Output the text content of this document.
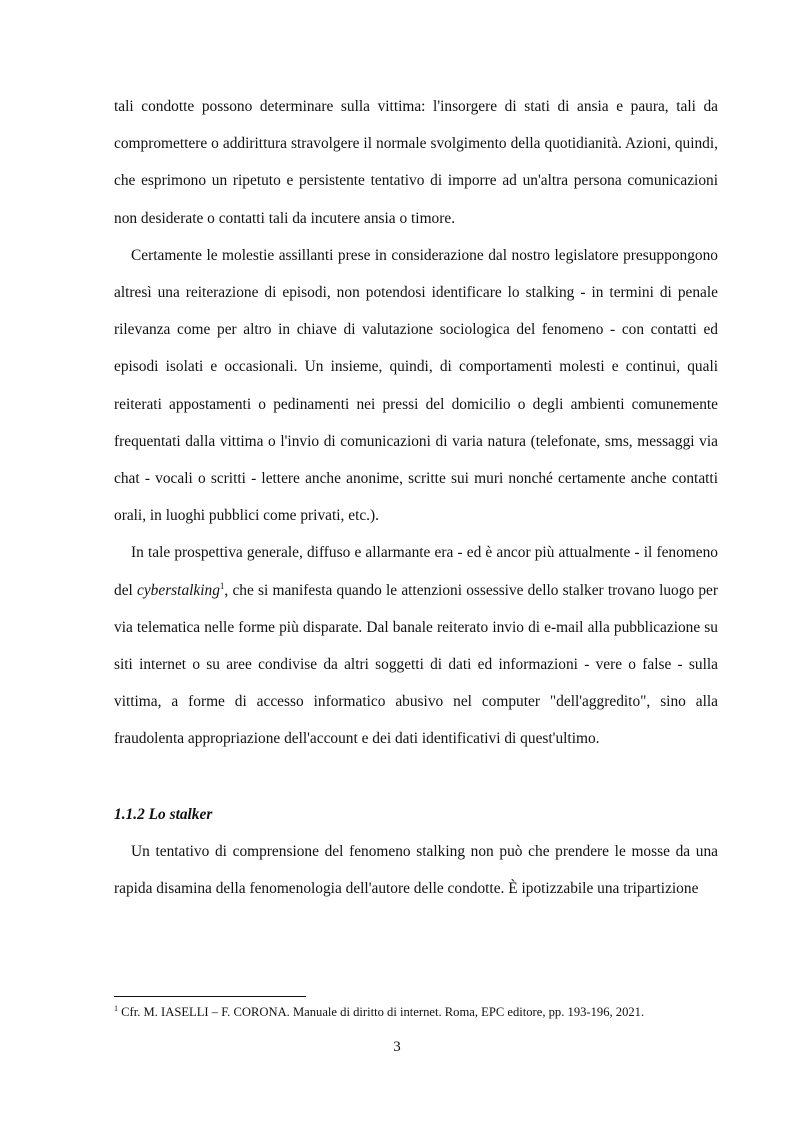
tali condotte possono determinare sulla vittima: l'insorgere di stati di ansia e paura, tali da compromettere o addirittura stravolgere il normale svolgimento della quotidianità. Azioni, quindi, che esprimono un ripetuto e persistente tentativo di imporre ad un'altra persona comunicazioni non desiderate o contatti tali da incutere ansia o timore.

Certamente le molestie assillanti prese in considerazione dal nostro legislatore presuppongono altresì una reiterazione di episodi, non potendosi identificare lo stalking - in termini di penale rilevanza come per altro in chiave di valutazione sociologica del fenomeno - con contatti ed episodi isolati e occasionali. Un insieme, quindi, di comportamenti molesti e continui, quali reiterati appostamenti o pedinamenti nei pressi del domicilio o degli ambienti comunemente frequentati dalla vittima o l'invio di comunicazioni di varia natura (telefonate, sms, messaggi via chat - vocali o scritti - lettere anche anonime, scritte sui muri nonché certamente anche contatti orali, in luoghi pubblici come privati, etc.).

In tale prospettiva generale, diffuso e allarmante era - ed è ancor più attualmente - il fenomeno del cyberstalking$^1$, che si manifesta quando le attenzioni ossessive dello stalker trovano luogo per via telematica nelle forme più disparate. Dal banale reiterato invio di e-mail alla pubblicazione su siti internet o su aree condivise da altri soggetti di dati ed informazioni - vere o false - sulla vittima, a forme di accesso informatico abusivo nel computer "dell'aggredito", sino alla fraudolenta appropriazione dell'account e dei dati identificativi di quest'ultimo.

1.1.2 Lo stalker

Un tentativo di comprensione del fenomeno stalking non può che prendere le mosse da una rapida disamina della fenomenologia dell'autore delle condotte. È ipotizzabile una tripartizione

$^1$ Cfr. M. IASELLI – F. CORONA. Manuale di diritto di internet. Roma, EPC editore, pp. 193-196, 2021.
3
